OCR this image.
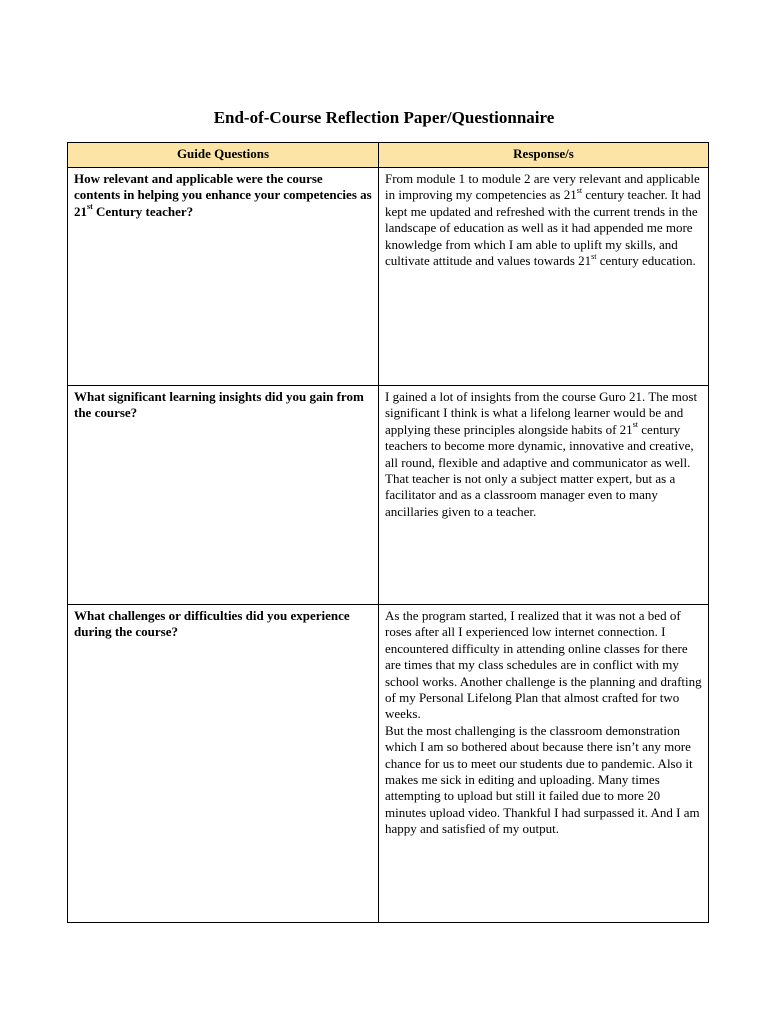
End-of-Course Reflection Paper/Questionnaire
Guide Questions	Response/s
How relevant and applicable were the course contents in helping you enhance your competencies as 21st Century teacher?	From module 1 to module 2 are very relevant and applicable in improving my competencies as 21st century teacher. It had kept me updated and refreshed with the current trends in the landscape of education as well as it had appended me more knowledge from which I am able to uplift my skills, and cultivate attitude and values towards 21st century education.
What significant learning insights did you gain from the course?	I gained a lot of insights from the course Guro 21. The most significant I think is what a lifelong learner would be and applying these principles alongside habits of 21st century teachers to become more dynamic, innovative and creative, all round, flexible and adaptive and communicator as well. That teacher is not only a subject matter expert, but as a facilitator and as a classroom manager even to many ancillaries given to a teacher.
What challenges or difficulties did you experience during the course?	As the program started, I realized that it was not a bed of roses after all I experienced low internet connection. I encountered difficulty in attending online classes for there are times that my class schedules are in conflict with my school works. Another challenge is the planning and drafting of my Personal Lifelong Plan that almost crafted for two weeks.
But the most challenging is the classroom demonstration which I am so bothered about because there isn’t any more chance for us to meet our students due to pandemic. Also it makes me sick in editing and uploading. Many times attempting to upload but still it failed due to more 20 minutes upload video. Thankful I had surpassed it. And I am happy and satisfied of my output.
